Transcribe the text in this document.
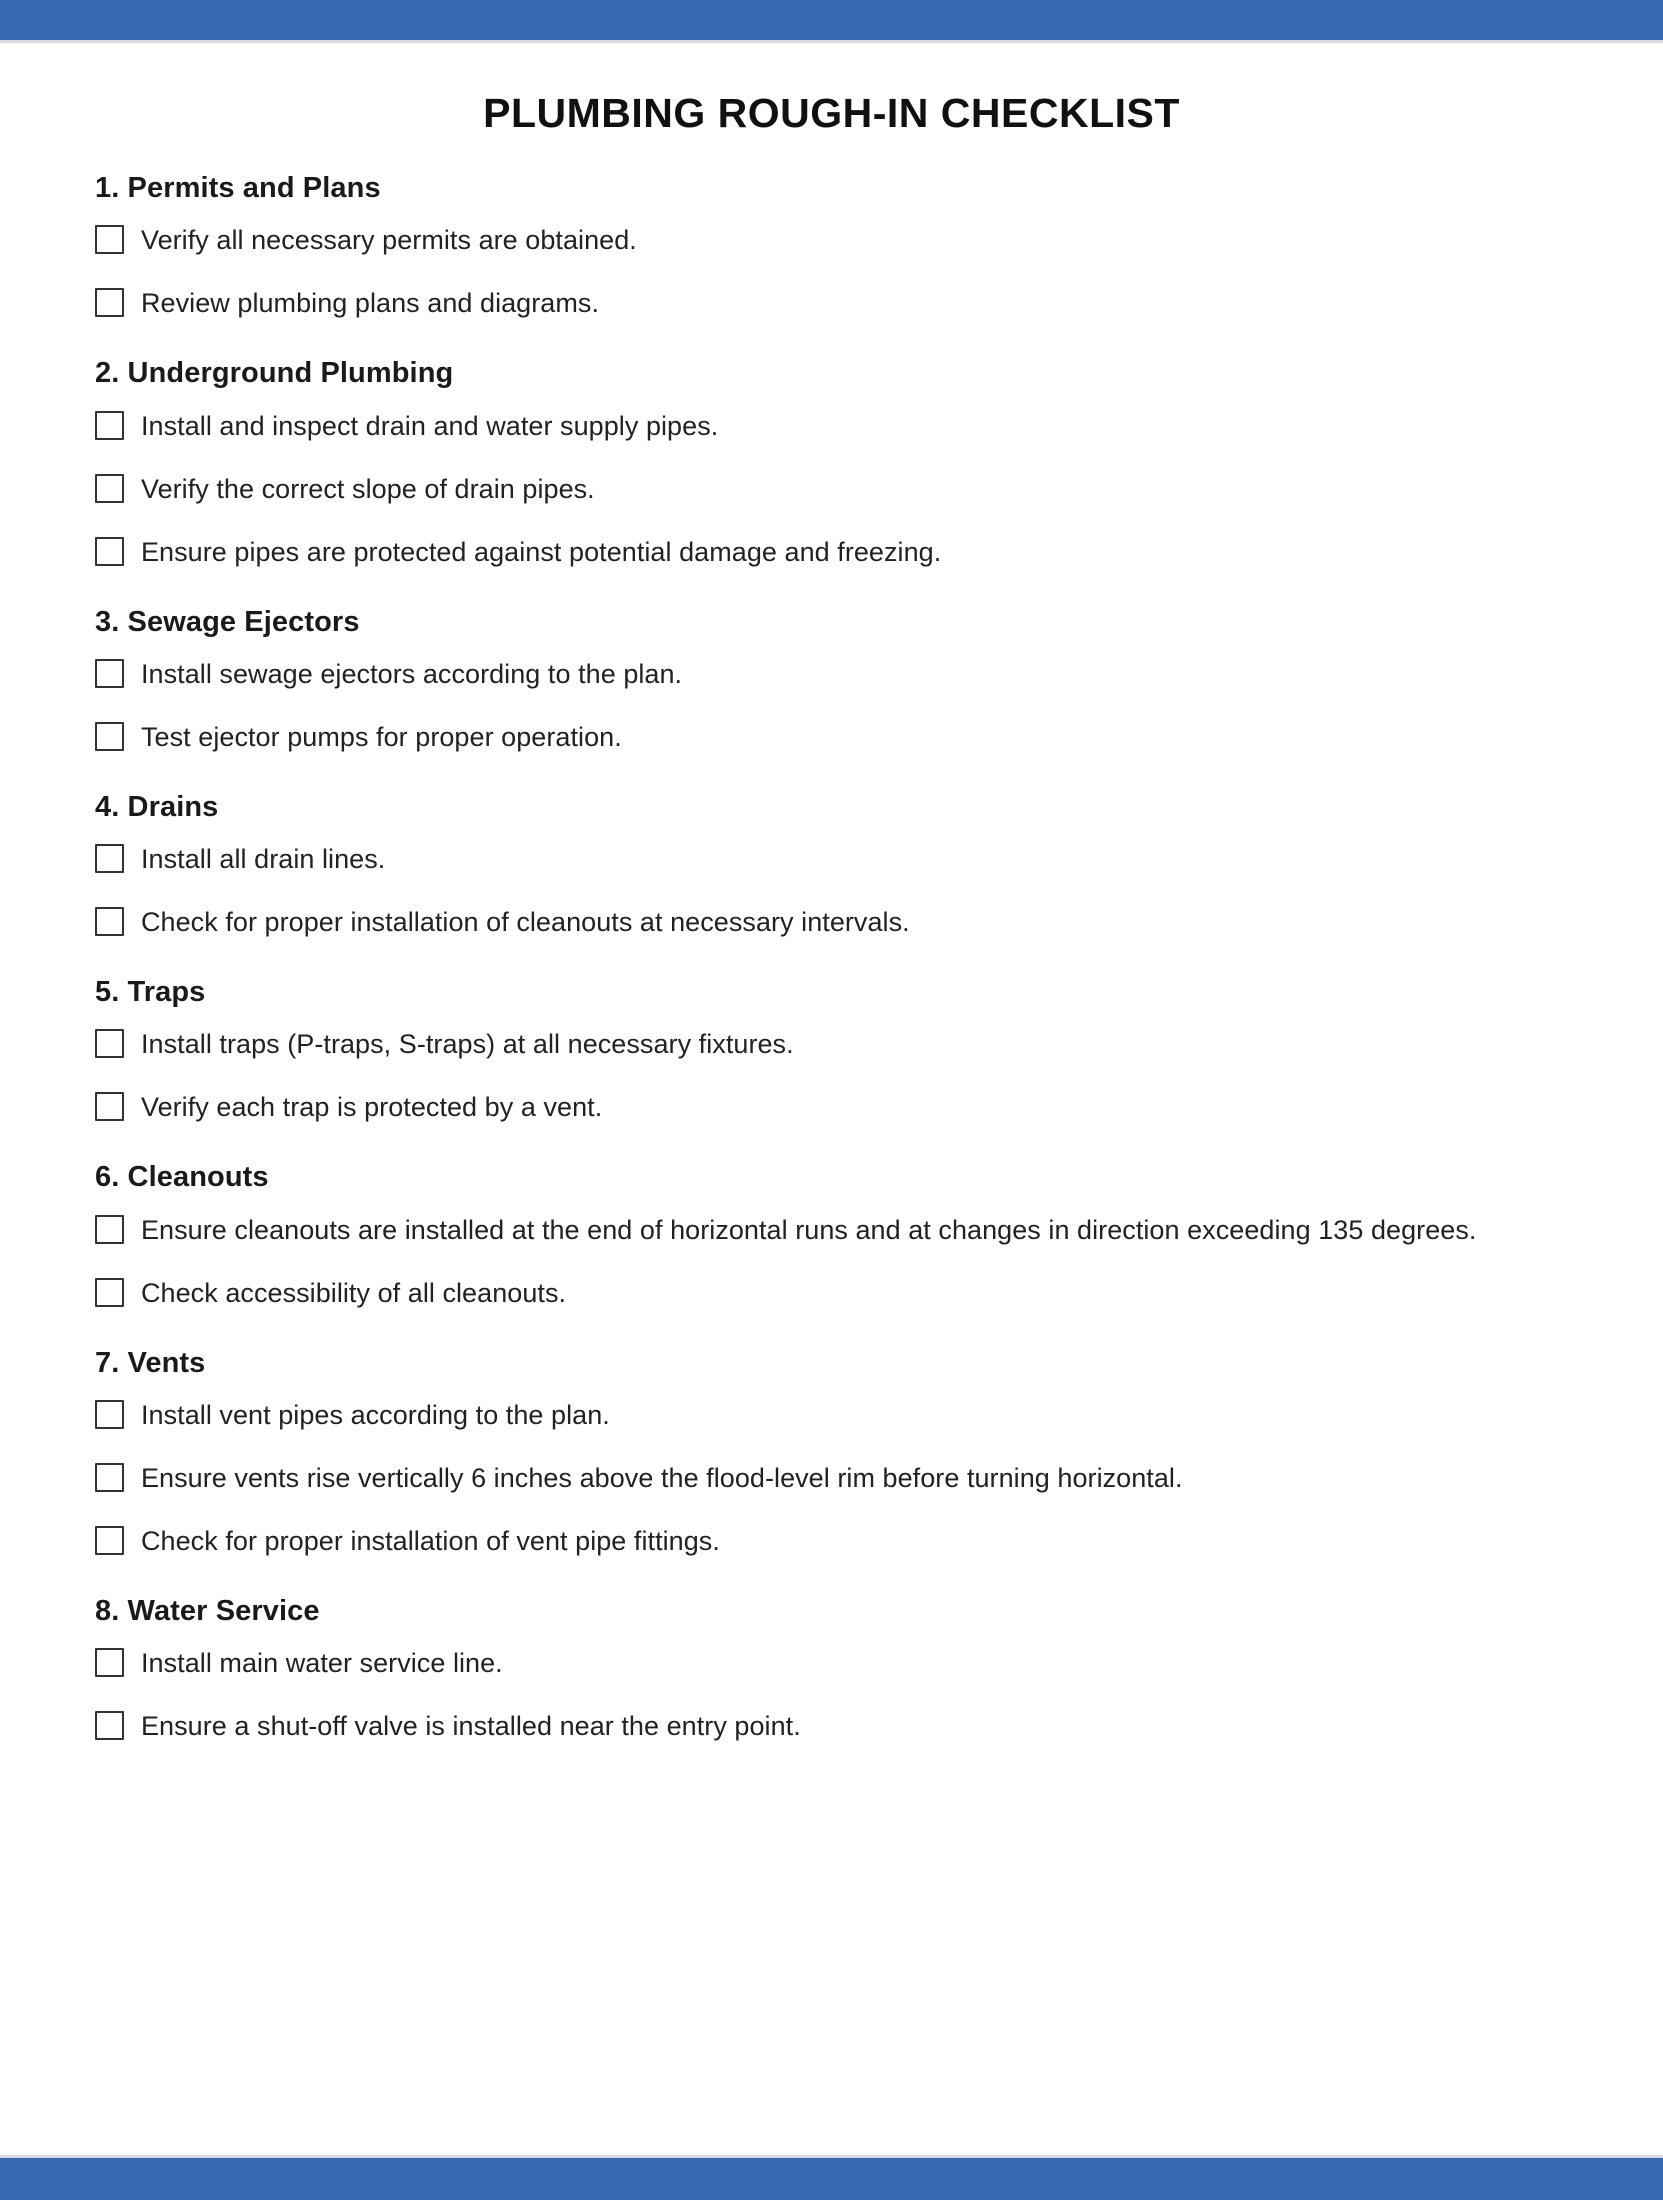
PLUMBING ROUGH-IN CHECKLIST
1. Permits and Plans
Verify all necessary permits are obtained.
Review plumbing plans and diagrams.
2. Underground Plumbing
Install and inspect drain and water supply pipes.
Verify the correct slope of drain pipes.
Ensure pipes are protected against potential damage and freezing.
3. Sewage Ejectors
Install sewage ejectors according to the plan.
Test ejector pumps for proper operation.
4. Drains
Install all drain lines.
Check for proper installation of cleanouts at necessary intervals.
5. Traps
Install traps (P-traps, S-traps) at all necessary fixtures.
Verify each trap is protected by a vent.
6. Cleanouts
Ensure cleanouts are installed at the end of horizontal runs and at changes in direction exceeding 135 degrees.
Check accessibility of all cleanouts.
7. Vents
Install vent pipes according to the plan.
Ensure vents rise vertically 6 inches above the flood-level rim before turning horizontal.
Check for proper installation of vent pipe fittings.
8. Water Service
Install main water service line.
Ensure a shut-off valve is installed near the entry point.
